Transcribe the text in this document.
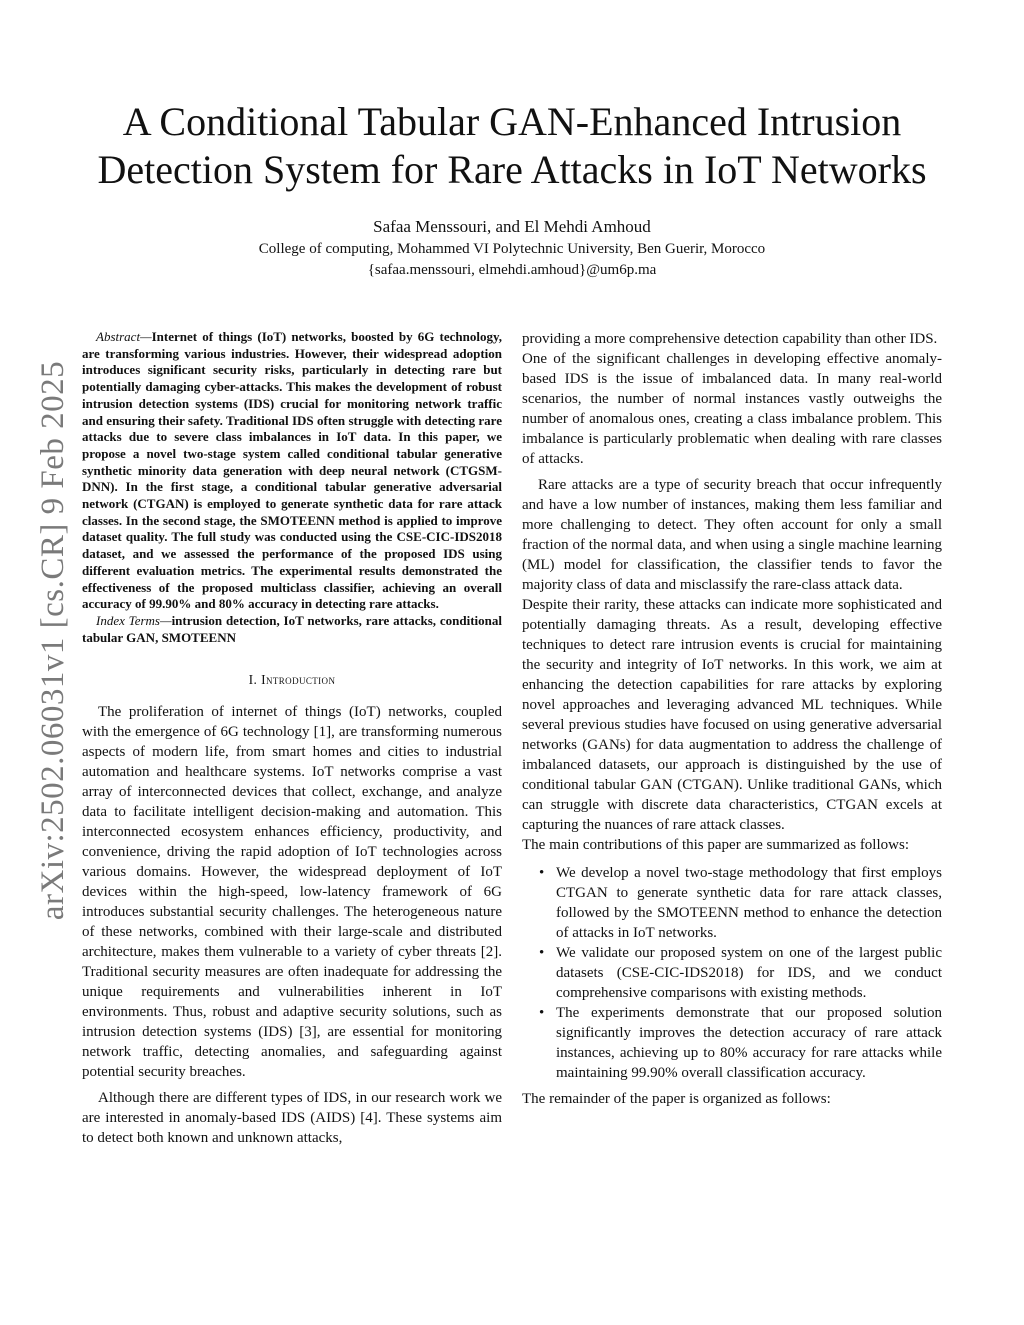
arXiv:2502.06031v1 [cs.CR] 9 Feb 2025
A Conditional Tabular GAN-Enhanced Intrusion Detection System for Rare Attacks in IoT Networks
Safaa Menssouri, and El Mehdi Amhoud
College of computing, Mohammed VI Polytechnic University, Ben Guerir, Morocco
{safaa.menssouri, elmehdi.amhoud}@um6p.ma

Abstract—Internet of things (IoT) networks, boosted by 6G technology, are transforming various industries. However, their widespread adoption introduces significant security risks, particularly in detecting rare but potentially damaging cyber-attacks. This makes the development of robust intrusion detection systems (IDS) crucial for monitoring network traffic and ensuring their safety. Traditional IDS often struggle with detecting rare attacks due to severe class imbalances in IoT data. In this paper, we propose a novel two-stage system called conditional tabular generative synthetic minority data generation with deep neural network (CTGSM-DNN). In the first stage, a conditional tabular generative adversarial network (CTGAN) is employed to generate synthetic data for rare attack classes. In the second stage, the SMOTEENN method is applied to improve dataset quality. The full study was conducted using the CSE-CIC-IDS2018 dataset, and we assessed the performance of the proposed IDS using different evaluation metrics. The experimental results demonstrated the effectiveness of the proposed multiclass classifier, achieving an overall accuracy of 99.90% and 80% accuracy in detecting rare attacks.

Index Terms—intrusion detection, IoT networks, rare attacks, conditional tabular GAN, SMOTEENN

I. Introduction

The proliferation of internet of things (IoT) networks, coupled with the emergence of 6G technology [1], are transforming numerous aspects of modern life, from smart homes and cities to industrial automation and healthcare systems. IoT networks comprise a vast array of interconnected devices that collect, exchange, and analyze data to facilitate intelligent decision-making and automation. This interconnected ecosystem enhances efficiency, productivity, and convenience, driving the rapid adoption of IoT technologies across various domains. However, the widespread deployment of IoT devices within the high-speed, low-latency framework of 6G introduces substantial security challenges. The heterogeneous nature of these networks, combined with their large-scale and distributed architecture, makes them vulnerable to a variety of cyber threats [2]. Traditional security measures are often inadequate for addressing the unique requirements and vulnerabilities inherent in IoT environments. Thus, robust and adaptive security solutions, such as intrusion detection systems (IDS) [3], are essential for monitoring network traffic, detecting anomalies, and safeguarding against potential security breaches.

Although there are different types of IDS, in our research work we are interested in anomaly-based IDS (AIDS) [4]. These systems aim to detect both known and unknown attacks,

providing a more comprehensive detection capability than other IDS.

One of the significant challenges in developing effective anomaly-based IDS is the issue of imbalanced data. In many real-world scenarios, the number of normal instances vastly outweighs the number of anomalous ones, creating a class imbalance problem. This imbalance is particularly problematic when dealing with rare classes of attacks.

Rare attacks are a type of security breach that occur infrequently and have a low number of instances, making them less familiar and more challenging to detect. They often account for only a small fraction of the normal data, and when using a single machine learning (ML) model for classification, the classifier tends to favor the majority class of data and misclassify the rare-class attack data.

Despite their rarity, these attacks can indicate more sophisticated and potentially damaging threats. As a result, developing effective techniques to detect rare intrusion events is crucial for maintaining the security and integrity of IoT networks. In this work, we aim at enhancing the detection capabilities for rare attacks by exploring novel approaches and leveraging advanced ML techniques. While several previous studies have focused on using generative adversarial networks (GANs) for data augmentation to address the challenge of imbalanced datasets, our approach is distinguished by the use of conditional tabular GAN (CTGAN). Unlike traditional GANs, which can struggle with discrete data characteristics, CTGAN excels at capturing the nuances of rare attack classes.

The main contributions of this paper are summarized as follows:

• We develop a novel two-stage methodology that first employs CTGAN to generate synthetic data for rare attack classes, followed by the SMOTEENN method to enhance the detection of attacks in IoT networks.
• We validate our proposed system on one of the largest public datasets (CSE-CIC-IDS2018) for IDS, and we conduct comprehensive comparisons with existing methods.
• The experiments demonstrate that our proposed solution significantly improves the detection accuracy of rare attack instances, achieving up to 80% accuracy for rare attacks while maintaining 99.90% overall classification accuracy.

The remainder of the paper is organized as follows:
